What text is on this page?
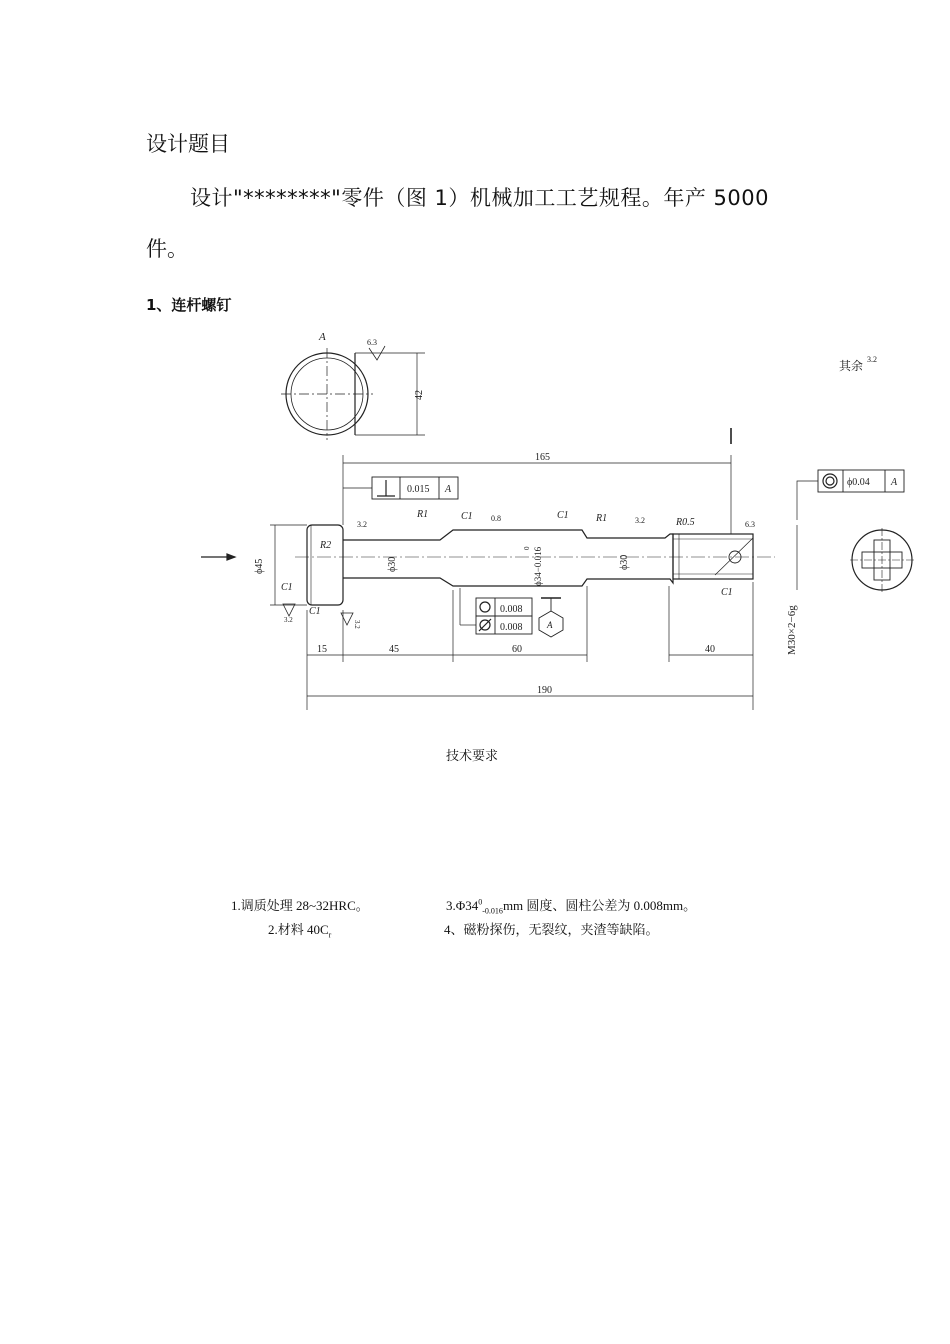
设计题目
设计"********"零件（图 1）机械加工工艺规程。年产 5000
件。
1、连杆螺钉
A	6.3
42
其余 3.2
165
0.015 A
ϕ0.04 A
R2
R1	C1 0.8	C1	R1	3.2	R0.5	6.3
3.2
ϕ45	ϕ30	ϕ34−0.016
0
ϕ30
M30×2−6g
C1
C1
C1
3.2	3.2
0.008
0.008	A
15	45	60	40
190
技术要求
1.调质处理 28~32HRC。
2.材料 $40C_r$
$3.\Phi 34^0_{-0.016}mm$ 圆度、圆柱公差为 0.008mm。
4、磁粉探伤，无裂纹，夹渣等缺陷。
